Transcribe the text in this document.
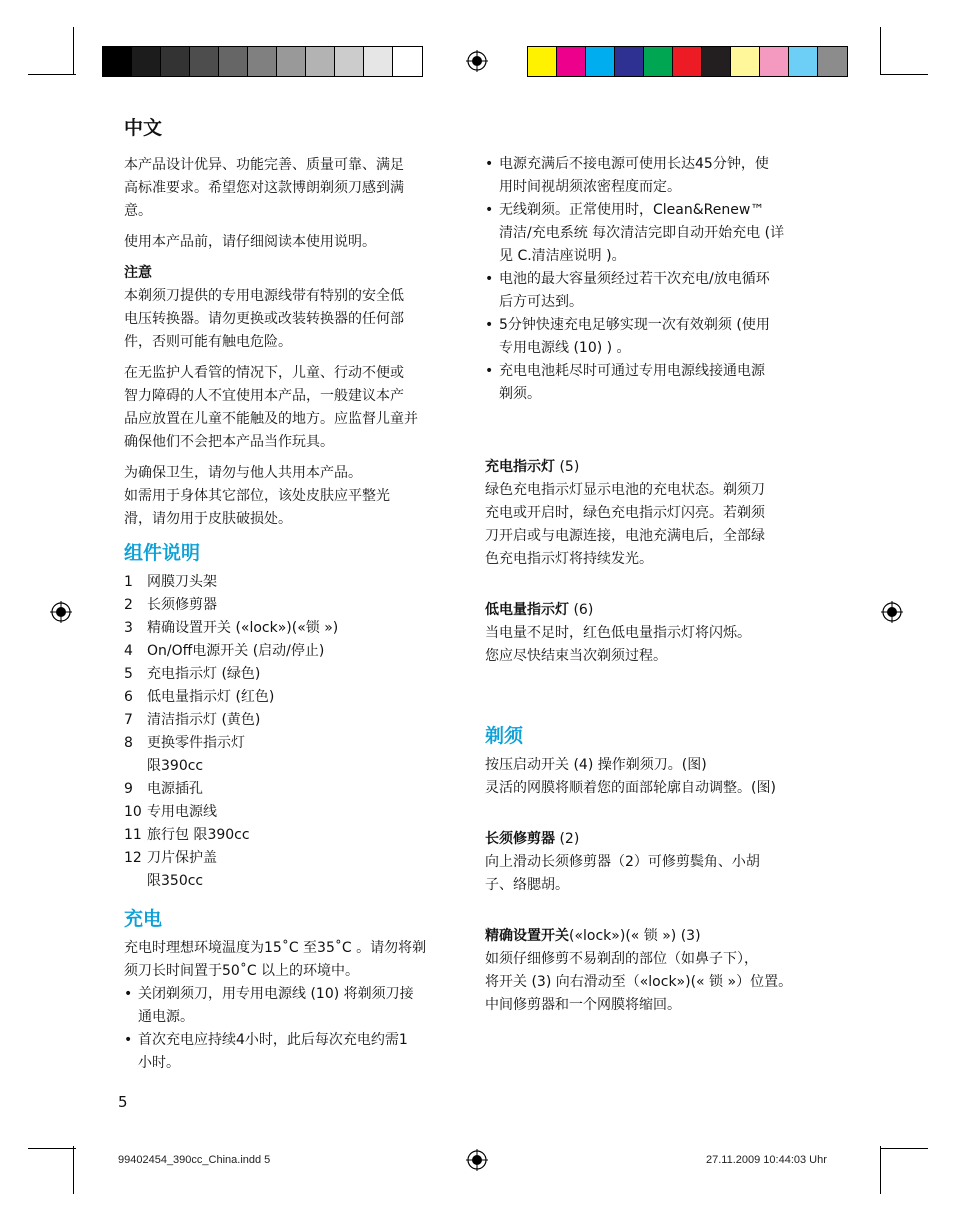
中文

本产品设计优异、功能完善、质量可靠、满足

高标准要求。希望您对这款博朗剃须刀感到满

意。

使用本产品前，请仔细阅读本使用说明。

注意

本剃须刀提供的专用电源线带有特别的安全低

电压转换器。请勿更换或改装转换器的任何部

件，否则可能有触电危险。

在无监护人看管的情况下，儿童、行动不便或

智力障碍的人不宜使用本产品，一般建议本产

品应放置在儿童不能触及的地方。应监督儿童并

确保他们不会把本产品当作玩具。

为确保卫生，请勿与他人共用本产品。

如需用于身体其它部位，该处皮肤应平整光

滑，请勿用于皮肤破损处。

组件说明

1	网膜刀头架
2	长须修剪器
3	精确设置开关 («lock»)(«锁 »)
4	On/Off电源开关 (启动/停止)
5	充电指示灯 (绿色)
6	低电量指示灯 (红色)
7	清洁指示灯 (黄色)
8	更换零件指示灯
限390cc
9	电源插孔
10 专用电源线
11 旅行包 限390cc
12 刀片保护盖
限350cc

充电

充电时理想环境温度为15˚C 至35˚C 。请勿将剃

须刀长时间置于50˚C 以上的环境中。

• 关闭剃须刀，用专用电源线 (10) 将剃须刀接

通电源。

• 首次充电应持续4小时，此后每次充电约需1

小时。

5

• 电源充满后不接电源可使用长达45分钟，使

用时间视胡须浓密程度而定。

• 无线剃须。正常使用时，Clean&Renew™

清洁/充电系统 每次清洁完即自动开始充电 (详

见 C.清洁座说明 )。

• 电池的最大容量须经过若干次充电/放电循环

后方可达到。

• 5分钟快速充电足够实现一次有效剃须 (使用

专用电源线 (10) ) 。

• 充电电池耗尽时可通过专用电源线接通电源

剃须。

充电指示灯 (5)

绿色充电指示灯显示电池的充电状态。剃须刀

充电或开启时，绿色充电指示灯闪亮。若剃须

刀开启或与电源连接，电池充满电后，全部绿

色充电指示灯将持续发光。

低电量指示灯 (6)

当电量不足时，红色低电量指示灯将闪烁。

您应尽快结束当次剃须过程。

剃须

按压启动开关 (4) 操作剃须刀。(图)

灵活的网膜将顺着您的面部轮廓自动调整。(图)

长须修剪器 (2)

向上滑动长须修剪器（2）可修剪鬓角、小胡

子、络腮胡。

精确设置开关(«lock»)(« 锁 ») (3)

如须仔细修剪不易剃刮的部位（如鼻子下），

将开关 (3) 向右滑动至（«lock»)(« 锁 »）位置。

中间修剪器和一个网膜将缩回。

99402454_390cc_China.indd 5	27.11.2009 10:44:03 Uhr
